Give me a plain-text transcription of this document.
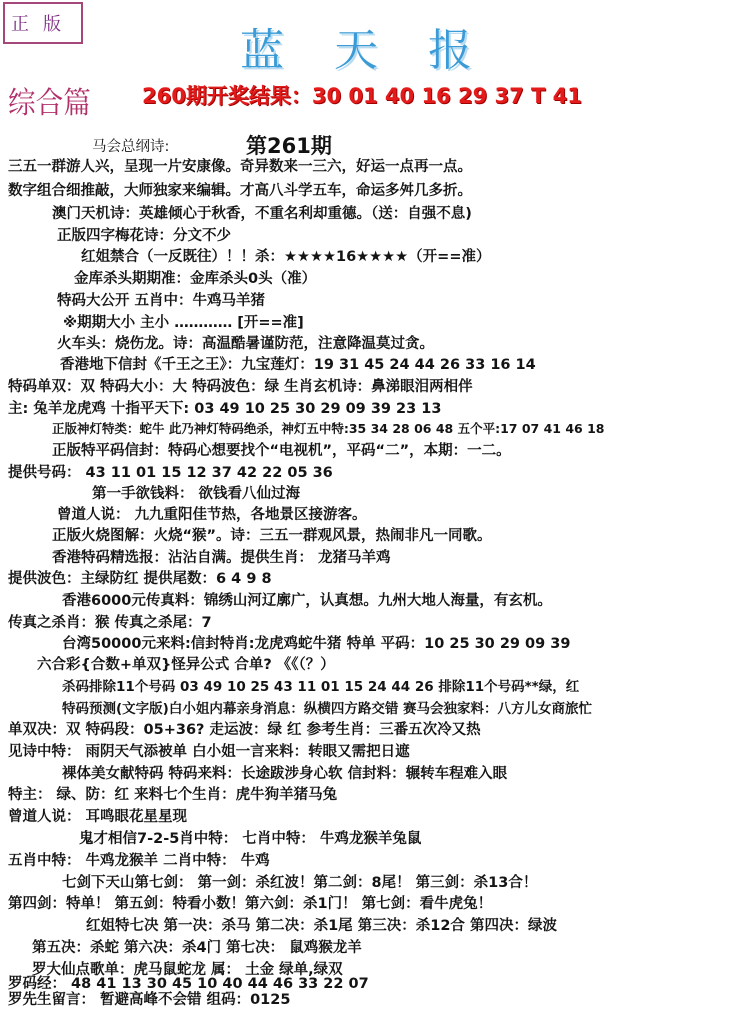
正版
蓝天报
综合篇 260期开奖结果：30 01 40 16 29 37 T 41
第261期
马会总纲诗:
三五一群游人兴，呈现一片安康像。奇异数来一三六，好运一点再一点。
数字组合细推敲，大师独家来编辑。才高八斗学五车，命运多舛几多折。
澳门天机诗：英雄倾心于秋香，不重名利却重德。（送：自强不息)
正版四字梅花诗：分文不少
红姐禁合（一反既往）！！杀：★★★★16★★★★（开==准）
金库杀头期期准：金库杀头0头（准）
特码大公开 五肖中：牛鸡马羊猪
※期期大小 主小 ………… [开==准]
火车头：烧伤龙。诗：高温酷暑谨防范，注意降温莫过贪。
香港地下信封《千王之王》：九宝莲灯：19 31 45 24 44 26 33 16 14
特码单双：双 特码大小：大 特码波色：绿 生肖玄机诗：鼻涕眼泪两相伴
主: 兔羊龙虎鸡 十指平天下: 03 49 10 25 30 29 09 39 23 13
正版神灯特类：蛇牛 此乃神灯特码绝杀，神灯五中特:35 34 28 06 48 五个平:17 07 41 46 18
正版特平码信封：特码心想要找个“电视机”，平码“二”，本期：一二。
提供号码： 43 11 01 15 12 37 42 22 05 36
第一手欲钱料： 欲钱看八仙过海
曾道人说： 九九重阳佳节热，各地景区接游客。
正版火烧图解：火烧“猴”。诗：三五一群观风景，热闹非凡一同歌。
香港特码精选报：沾沾自满。提供生肖： 龙猪马羊鸡
提供波色：主绿防红 提供尾数：6 4 9 8
香港6000元传真料：锦绣山河辽廓广，认真想。九州大地人海量，有玄机。
传真之杀肖：猴 传真之杀尾：7
台湾50000元来料:信封特肖:龙虎鸡蛇牛猪 特单 平码：10 25 30 29 09 39
六合彩{合数+单双}怪异公式 合单? 《《（？）
杀码排除11个号码 03 49 10 25 43 11 01 15 24 44 26 排除11个号码**绿，红
特码预测(文字版)白小姐内幕亲身消息：纵横四方路交错 赛马会独家料：八方儿女商旅忙
单双决：双 特码段：05+36? 走运波：绿 红 参考生肖：三番五次冷又热
见诗中特： 雨阴天气添被单 白小姐一言来料：转眼又需把日遮
裸体美女献特码 特码来料：长途跋涉身心软 信封料：辗转车程难入眼
特主： 绿、防：红 来料七个生肖：虎牛狗羊猪马兔
曾道人说： 耳鸣眼花星星现
鬼才相信7-2-5肖中特： 七肖中特： 牛鸡龙猴羊兔鼠
五肖中特： 牛鸡龙猴羊 二肖中特： 牛鸡
七剑下天山第七剑： 第一剑：杀红波！第二剑：8尾！ 第三剑：杀13合！
第四剑：特单！ 第五剑：特看小数！第六剑：杀1门！ 第七剑：看牛虎兔！
红姐特七决 第一决：杀马 第二决：杀1尾 第三决：杀12合 第四决：绿波
第五决：杀蛇 第六决：杀4门 第七决： 鼠鸡猴龙羊
罗大仙点歌单：虎马鼠蛇龙 属： 土金 绿单,绿双
罗码经： 48 41 13 30 45 10 40 44 46 33 22 07
罗先生留言： 暂避高峰不会错 组码：0125
